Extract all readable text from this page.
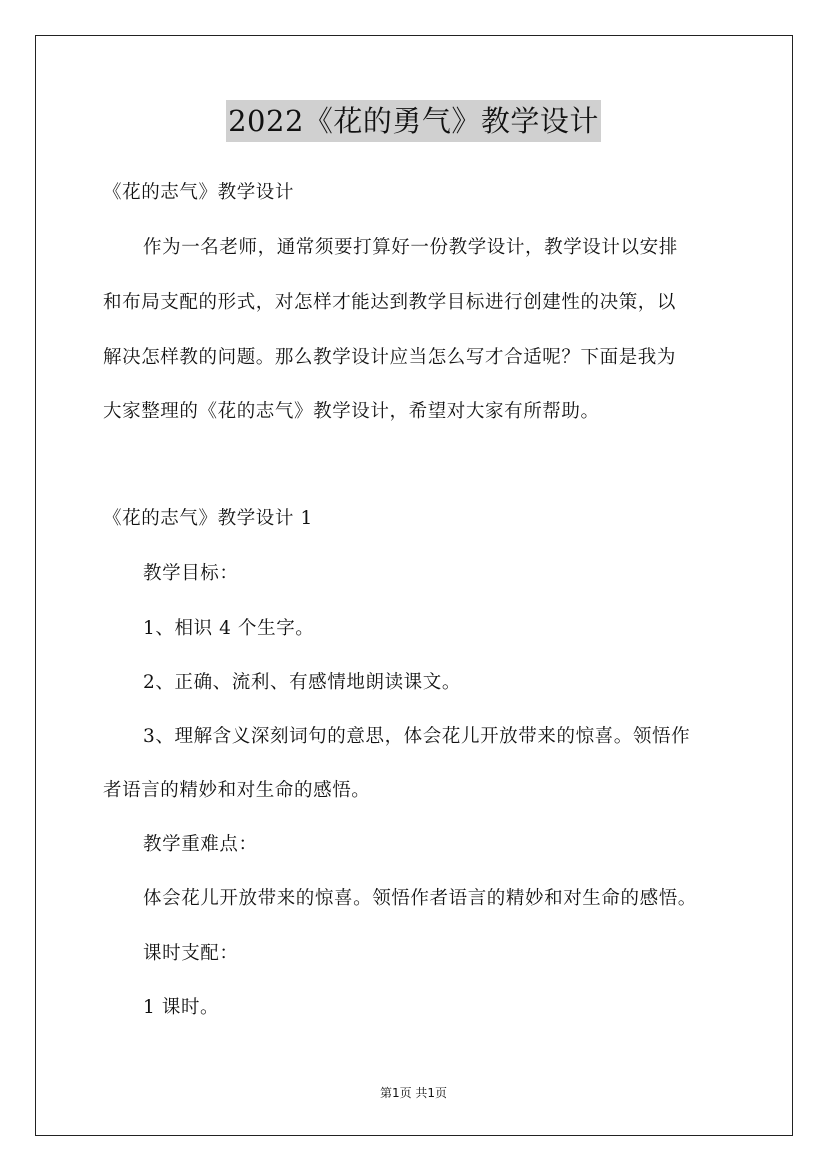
2022《花的勇气》教学设计
《花的志气》教学设计
作为一名老师，通常须要打算好一份教学设计，教学设计以安排
和布局支配的形式，对怎样才能达到教学目标进行创建性的决策，以
解决怎样教的问题。那么教学设计应当怎么写才合适呢？下面是我为
大家整理的《花的志气》教学设计，希望对大家有所帮助。
《花的志气》教学设计 1
教学目标：
1、相识 4 个生字。
2、正确、流利、有感情地朗读课文。
3、理解含义深刻词句的意思，体会花儿开放带来的惊喜。领悟作
者语言的精妙和对生命的感悟。
教学重难点：
体会花儿开放带来的惊喜。领悟作者语言的精妙和对生命的感悟。
课时支配：
1 课时。
第1页 共1页
